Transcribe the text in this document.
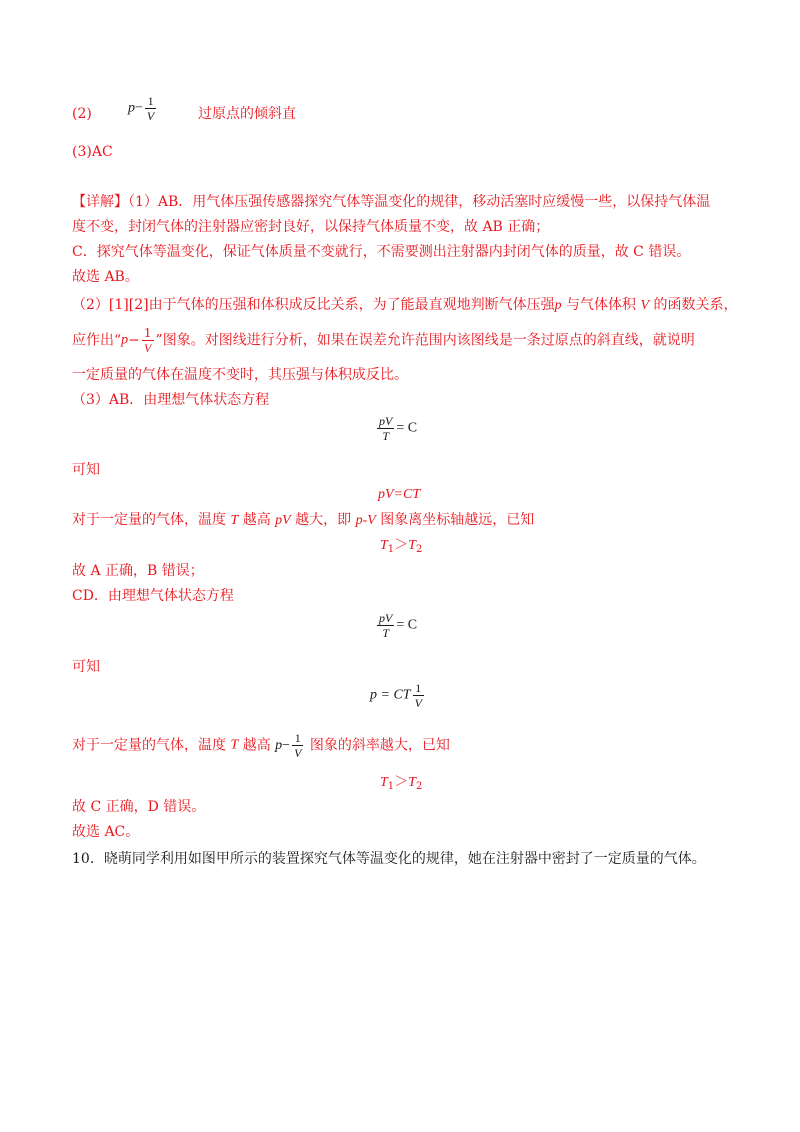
(2)	$p- \frac{1}{V}$	过原点的倾斜直
(3)AC
【详解】（1）AB．用气体压强传感器探究气体等温变化的规律，移动活塞时应缓慢一些，以保持气体温
度不变，封闭气体的注射器应密封良好，以保持气体质量不变，故 AB 正确；
C．探究气体等温变化，保证气体质量不变就行，不需要测出注射器内封闭气体的质量，故 C 错误。
故选 AB。
（2）[1][2]由于气体的压强和体积成反比关系，为了能最直观地判断气体压强p 与气体体积 V 的函数关系，
应作出“$p- \frac{1}{V}$ ”图象。对图线进行分析，如果在误差允许范围内该图线是一条过原点的斜直线，就说明
一定质量的气体在温度不变时，其压强与体积成反比。
（3）AB．由理想气体状态方程
$\frac{pV}{T} = C$
可知
pV=CT
对于一定量的气体，温度 T 越高 pV 越大，即 p-V 图象离坐标轴越远，已知
$T_1>T_2$
故 A 正确，B 错误；
CD．由理想气体状态方程
$\frac{pV}{T} = C$
可知
p = CT $\frac{1}{V}$
对于一定量的气体，温度 T 越高 $p- \frac{1}{V}$ 图象的斜率越大，已知
$T_1>T_2$
故 C 正确，D 错误。
故选 AC。
10．晓萌同学利用如图甲所示的装置探究气体等温变化的规律，她在注射器中密封了一定质量的气体。
